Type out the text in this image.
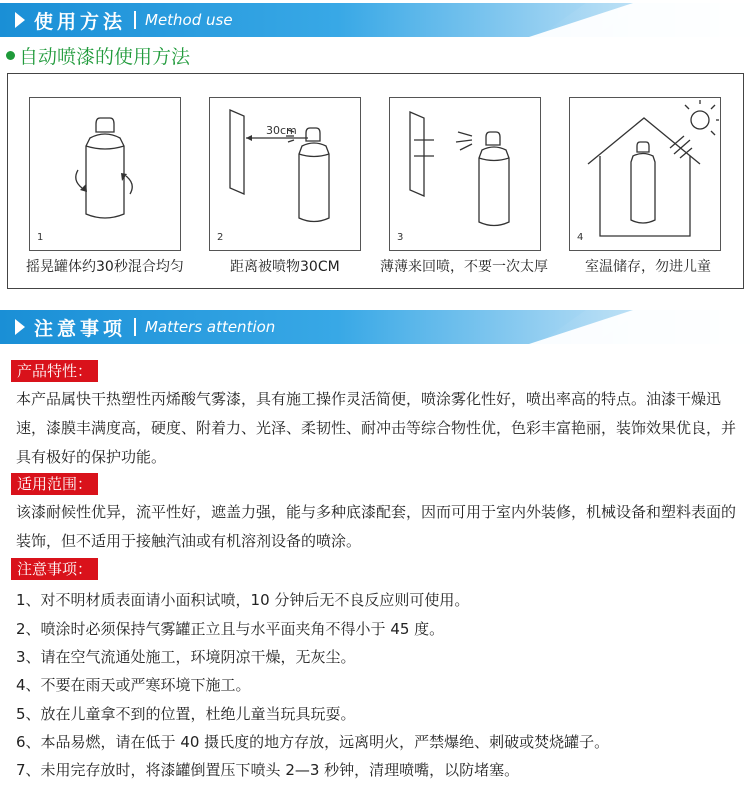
使用方法 Method use
自动喷漆的使用方法
1
摇晃罐体约30秒混合均匀
30cm
2
距离被喷物30CM
3
薄薄来回喷，不要一次太厚
4
室温储存，勿进儿童
注意事项 Matters attention
产品特性：
本产品属快干热塑性丙烯酸气雾漆，具有施工操作灵活简便，喷涂雾化性好，喷出率高的特点。油漆干燥迅速，漆膜丰满度高，硬度、附着力、光泽、柔韧性、耐冲击等综合物性优，色彩丰富艳丽，装饰效果优良，并具有极好的保护功能。
适用范围：
该漆耐候性优异，流平性好，遮盖力强，能与多种底漆配套，因而可用于室内外装修，机械设备和塑料表面的装饰，但不适用于接触汽油或有机溶剂设备的喷涂。
注意事项：
1、对不明材质表面请小面积试喷，10 分钟后无不良反应则可使用。
2、喷涂时必须保持气雾罐正立且与水平面夹角不得小于 45 度。
3、请在空气流通处施工，环境阴凉干燥，无灰尘。
4、不要在雨天或严寒环境下施工。
5、放在儿童拿不到的位置，杜绝儿童当玩具玩耍。
6、本品易燃，请在低于 40 摄氏度的地方存放，远离明火，严禁爆绝、刺破或焚烧罐子。
7、未用完存放时，将漆罐倒置压下喷头 2—3 秒钟，清理喷嘴，以防堵塞。
